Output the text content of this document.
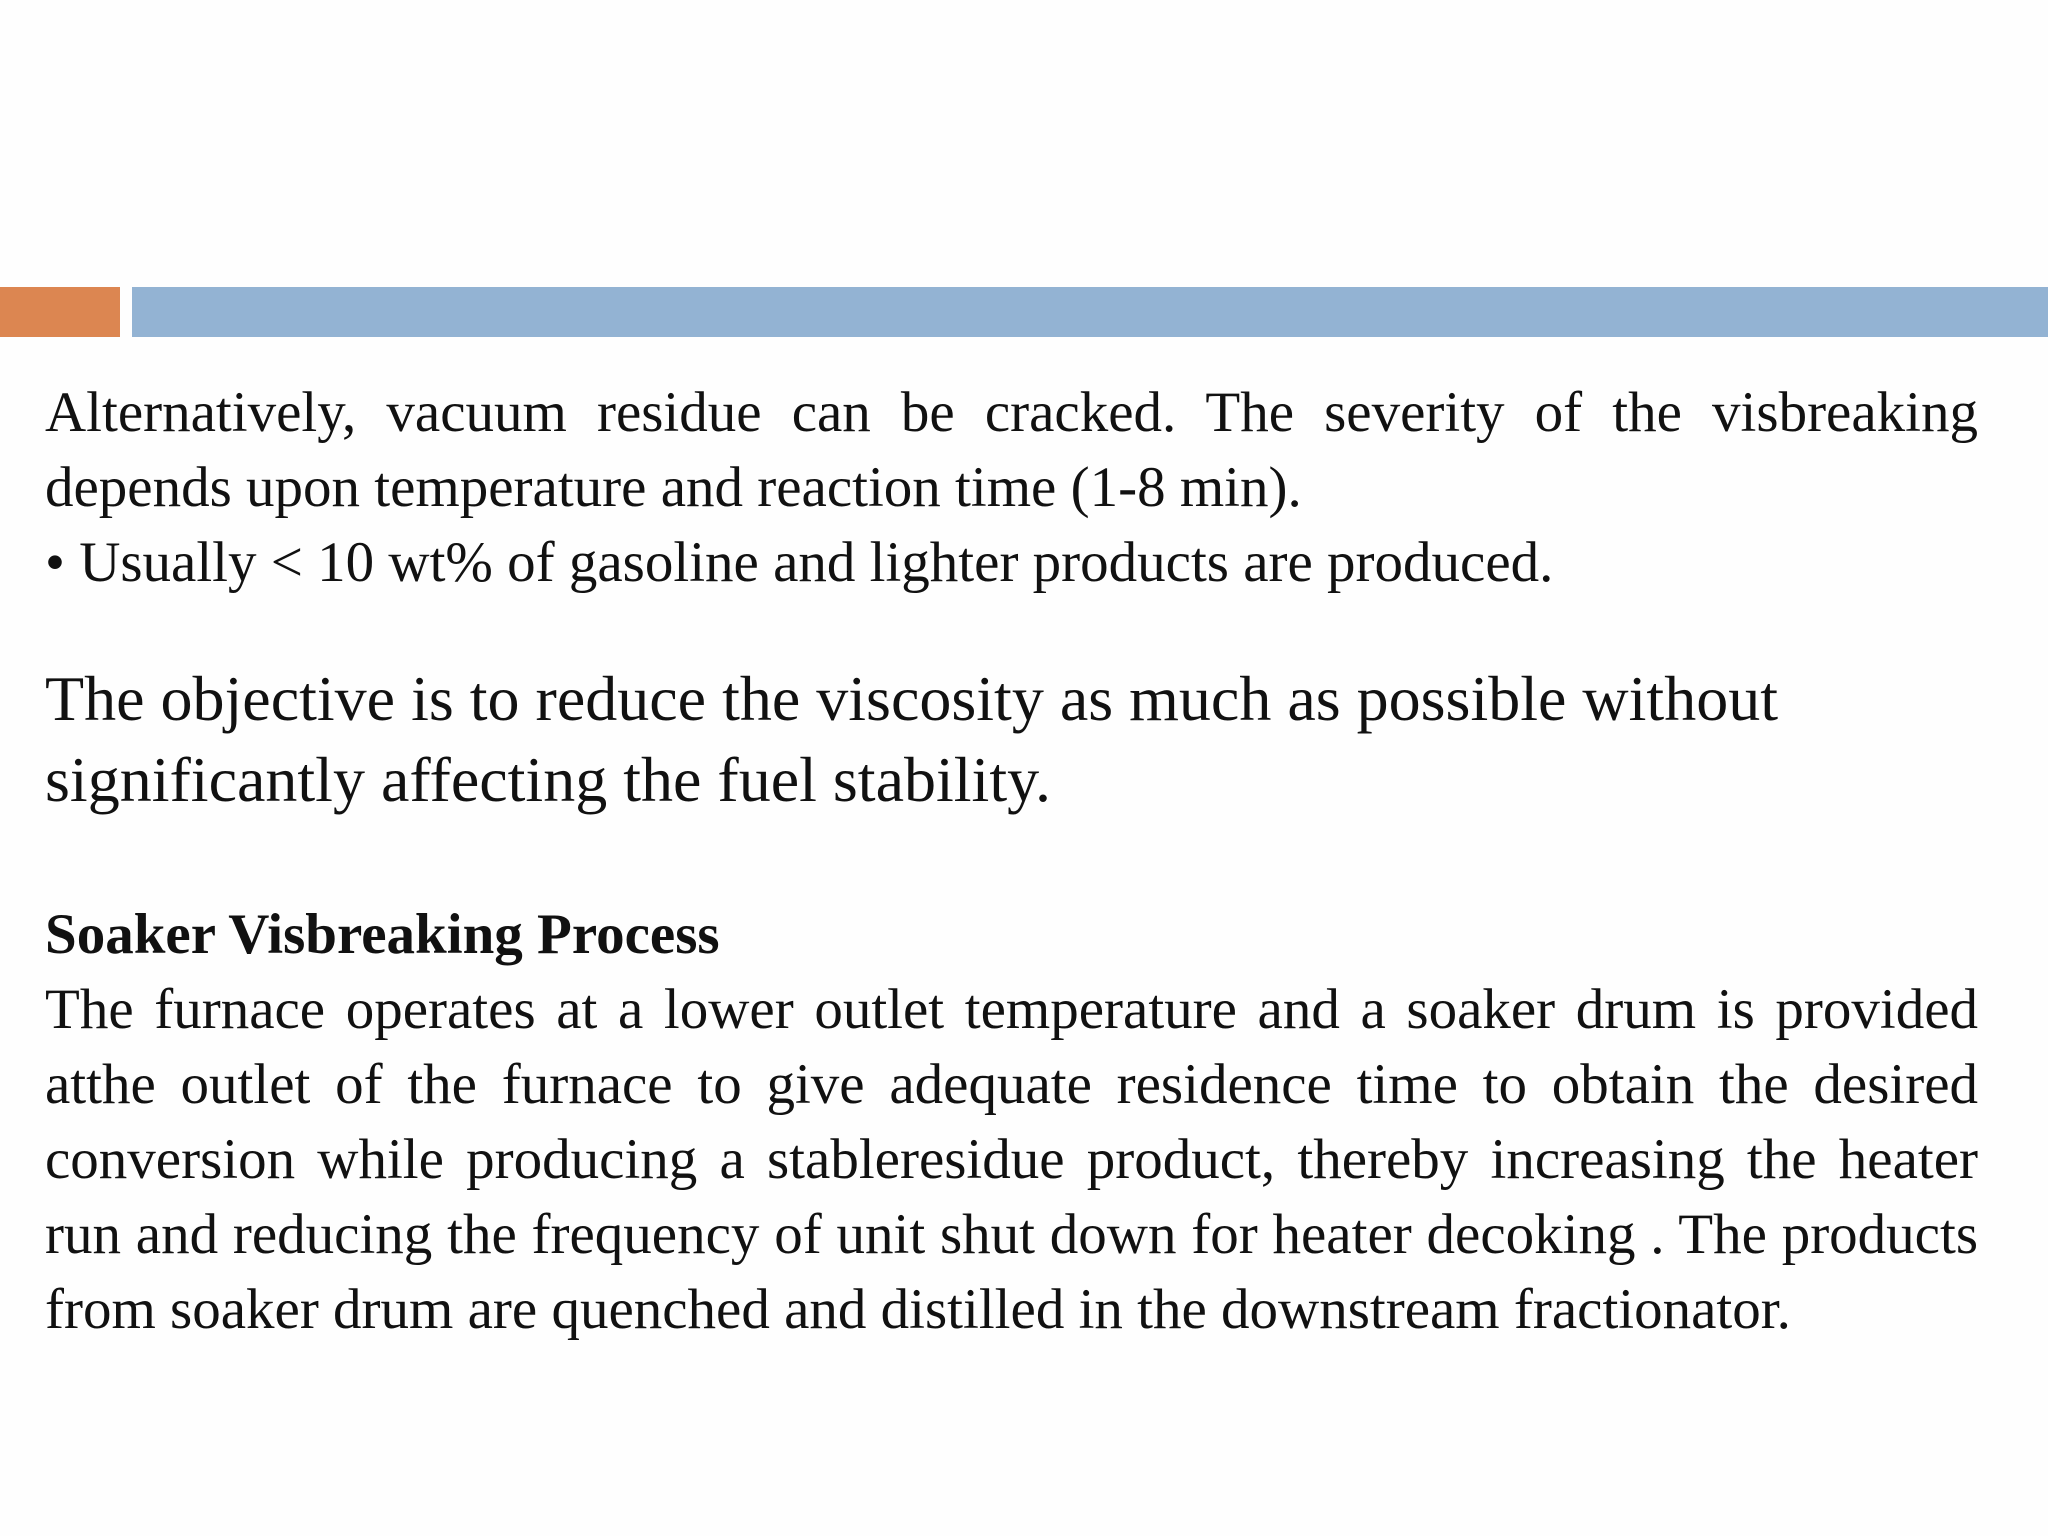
Alternatively, vacuum residue can be cracked. The severity of the visbreaking depends upon temperature and reaction time (1-8 min).

• Usually < 10 wt% of gasoline and lighter products are produced.

The objective is to reduce the viscosity as much as possible without significantly affecting the fuel stability.

Soaker Visbreaking Process

The furnace operates at a lower outlet temperature and a soaker drum is provided atthe outlet of the furnace to give adequate residence time to obtain the desired conversion while producing a stableresidue product, thereby increasing the heater run and reducing the frequency of unit shut down for heater decoking . The products from soaker drum are quenched and distilled in the downstream fractionator.
